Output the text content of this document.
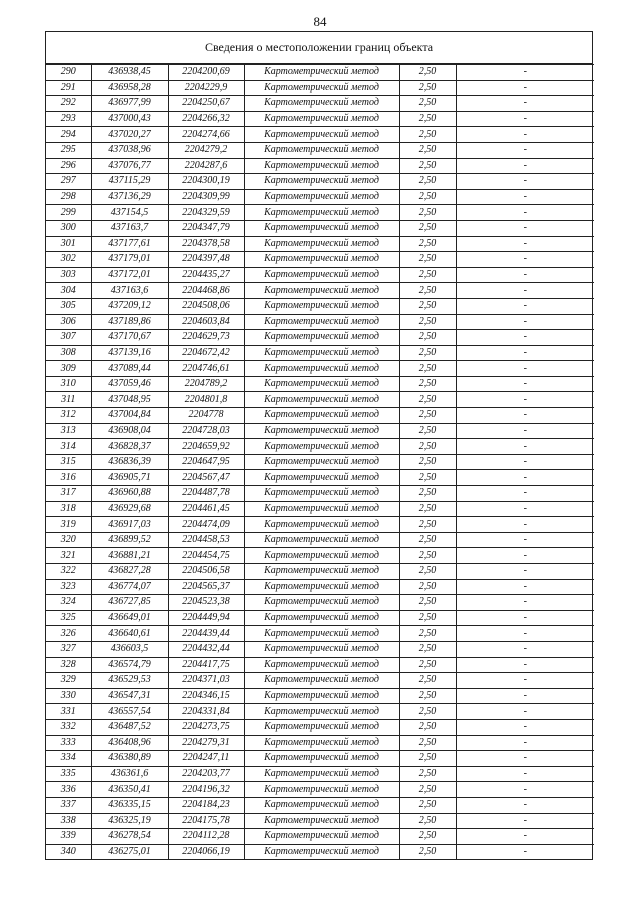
84
Сведения о местоположении границ объекта
290	436938,45	2204200,69	Картометрический метод	2,50	-
291	436958,28	2204229,9	Картометрический метод	2,50	-
292	436977,99	2204250,67	Картометрический метод	2,50	-
293	437000,43	2204266,32	Картометрический метод	2,50	-
294	437020,27	2204274,66	Картометрический метод	2,50	-
295	437038,96	2204279,2	Картометрический метод	2,50	-
296	437076,77	2204287,6	Картометрический метод	2,50	-
297	437115,29	2204300,19	Картометрический метод	2,50	-
298	437136,29	2204309,99	Картометрический метод	2,50	-
299	437154,5	2204329,59	Картометрический метод	2,50	-
300	437163,7	2204347,79	Картометрический метод	2,50	-
301	437177,61	2204378,58	Картометрический метод	2,50	-
302	437179,01	2204397,48	Картометрический метод	2,50	-
303	437172,01	2204435,27	Картометрический метод	2,50	-
304	437163,6	2204468,86	Картометрический метод	2,50	-
305	437209,12	2204508,06	Картометрический метод	2,50	-
306	437189,86	2204603,84	Картометрический метод	2,50	-
307	437170,67	2204629,73	Картометрический метод	2,50	-
308	437139,16	2204672,42	Картометрический метод	2,50	-
309	437089,44	2204746,61	Картометрический метод	2,50	-
310	437059,46	2204789,2	Картометрический метод	2,50	-
311	437048,95	2204801,8	Картометрический метод	2,50	-
312	437004,84	2204778	Картометрический метод	2,50	-
313	436908,04	2204728,03	Картометрический метод	2,50	-
314	436828,37	2204659,92	Картометрический метод	2,50	-
315	436836,39	2204647,95	Картометрический метод	2,50	-
316	436905,71	2204567,47	Картометрический метод	2,50	-
317	436960,88	2204487,78	Картометрический метод	2,50	-
318	436929,68	2204461,45	Картометрический метод	2,50	-
319	436917,03	2204474,09	Картометрический метод	2,50	-
320	436899,52	2204458,53	Картометрический метод	2,50	-
321	436881,21	2204454,75	Картометрический метод	2,50	-
322	436827,28	2204506,58	Картометрический метод	2,50	-
323	436774,07	2204565,37	Картометрический метод	2,50	-
324	436727,85	2204523,38	Картометрический метод	2,50	-
325	436649,01	2204449,94	Картометрический метод	2,50	-
326	436640,61	2204439,44	Картометрический метод	2,50	-
327	436603,5	2204432,44	Картометрический метод	2,50	-
328	436574,79	2204417,75	Картометрический метод	2,50	-
329	436529,53	2204371,03	Картометрический метод	2,50	-
330	436547,31	2204346,15	Картометрический метод	2,50	-
331	436557,54	2204331,84	Картометрический метод	2,50	-
332	436487,52	2204273,75	Картометрический метод	2,50	-
333	436408,96	2204279,31	Картометрический метод	2,50	-
334	436380,89	2204247,11	Картометрический метод	2,50	-
335	436361,6	2204203,77	Картометрический метод	2,50	-
336	436350,41	2204196,32	Картометрический метод	2,50	-
337	436335,15	2204184,23	Картометрический метод	2,50	-
338	436325,19	2204175,78	Картометрический метод	2,50	-
339	436278,54	2204112,28	Картометрический метод	2,50	-
340	436275,01	2204066,19	Картометрический метод	2,50	-
